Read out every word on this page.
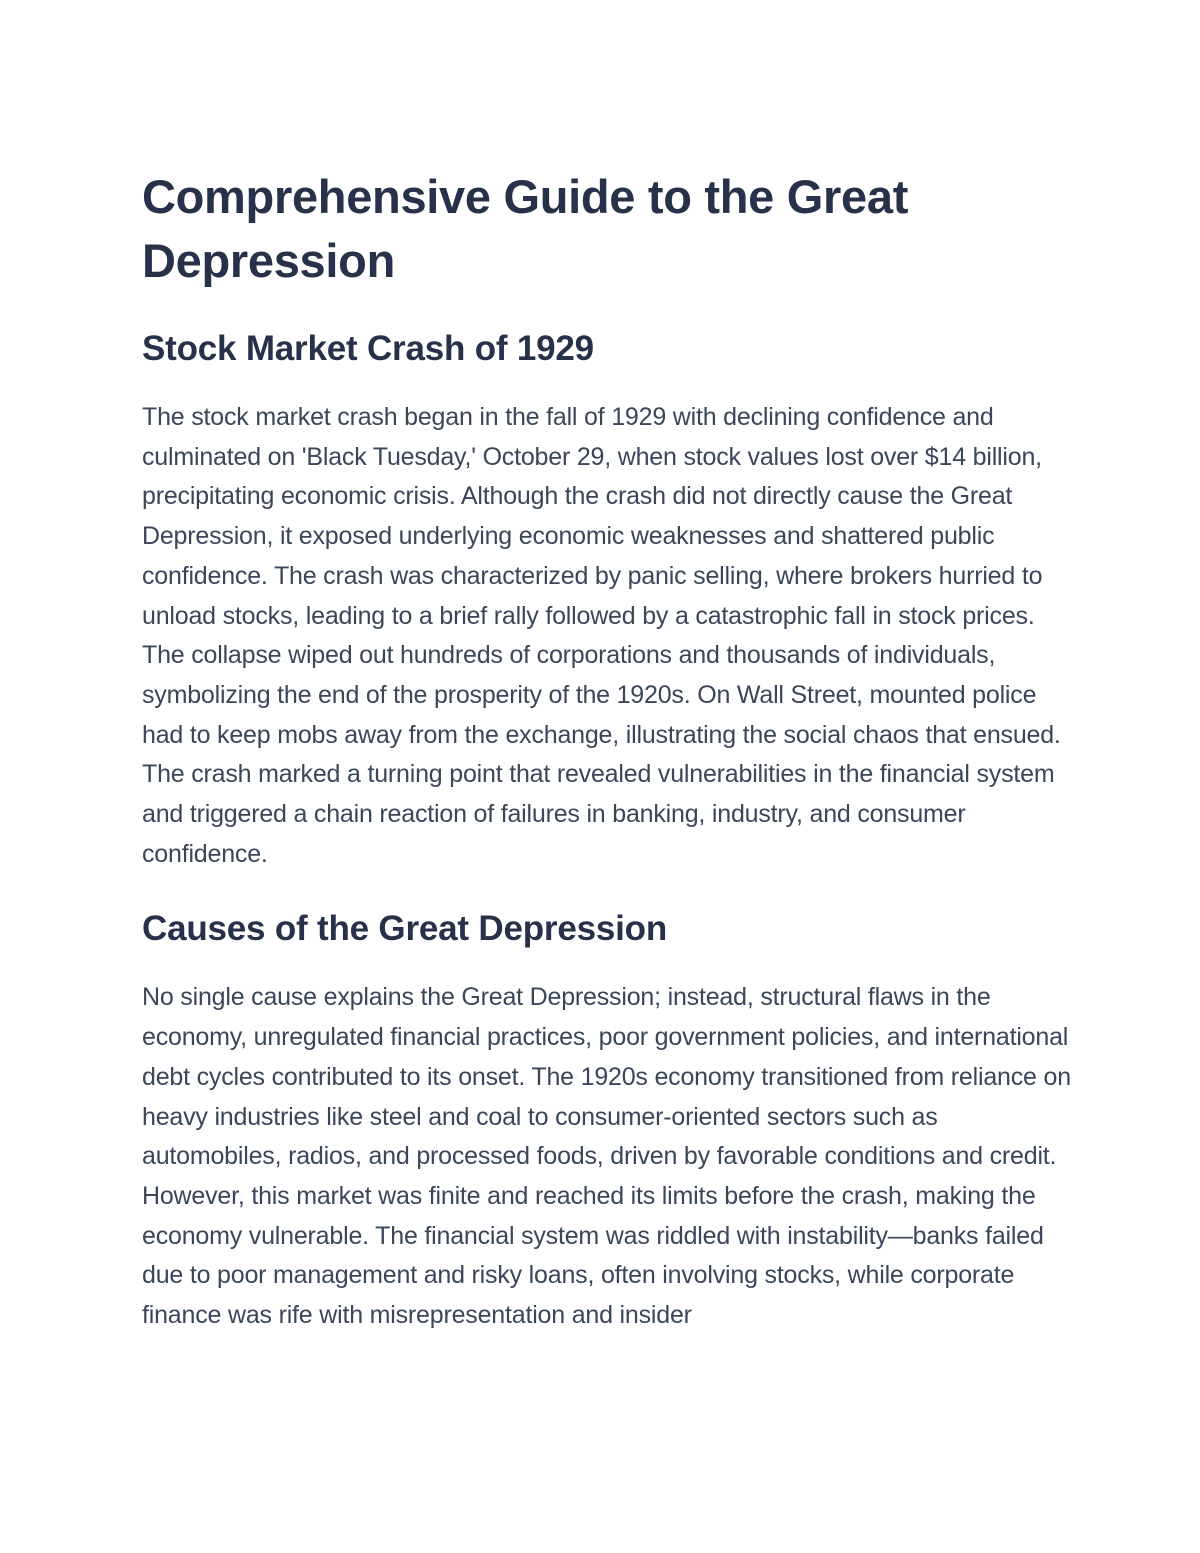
Comprehensive Guide to the Great Depression
Stock Market Crash of 1929

The stock market crash began in the fall of 1929 with declining confidence and culminated on 'Black Tuesday,' October 29, when stock values lost over $14 billion, precipitating economic crisis. Although the crash did not directly cause the Great Depression, it exposed underlying economic weaknesses and shattered public confidence. The crash was characterized by panic selling, where brokers hurried to unload stocks, leading to a brief rally followed by a catastrophic fall in stock prices. The collapse wiped out hundreds of corporations and thousands of individuals, symbolizing the end of the prosperity of the 1920s. On Wall Street, mounted police had to keep mobs away from the exchange, illustrating the social chaos that ensued. The crash marked a turning point that revealed vulnerabilities in the financial system and triggered a chain reaction of failures in banking, industry, and consumer confidence.

Causes of the Great Depression

No single cause explains the Great Depression; instead, structural flaws in the economy, unregulated financial practices, poor government policies, and international debt cycles contributed to its onset. The 1920s economy transitioned from reliance on heavy industries like steel and coal to consumer-oriented sectors such as automobiles, radios, and processed foods, driven by favorable conditions and credit. However, this market was finite and reached its limits before the crash, making the economy vulnerable. The financial system was riddled with instability—banks failed due to poor management and risky loans, often involving stocks, while corporate finance was rife with misrepresentation and insider
